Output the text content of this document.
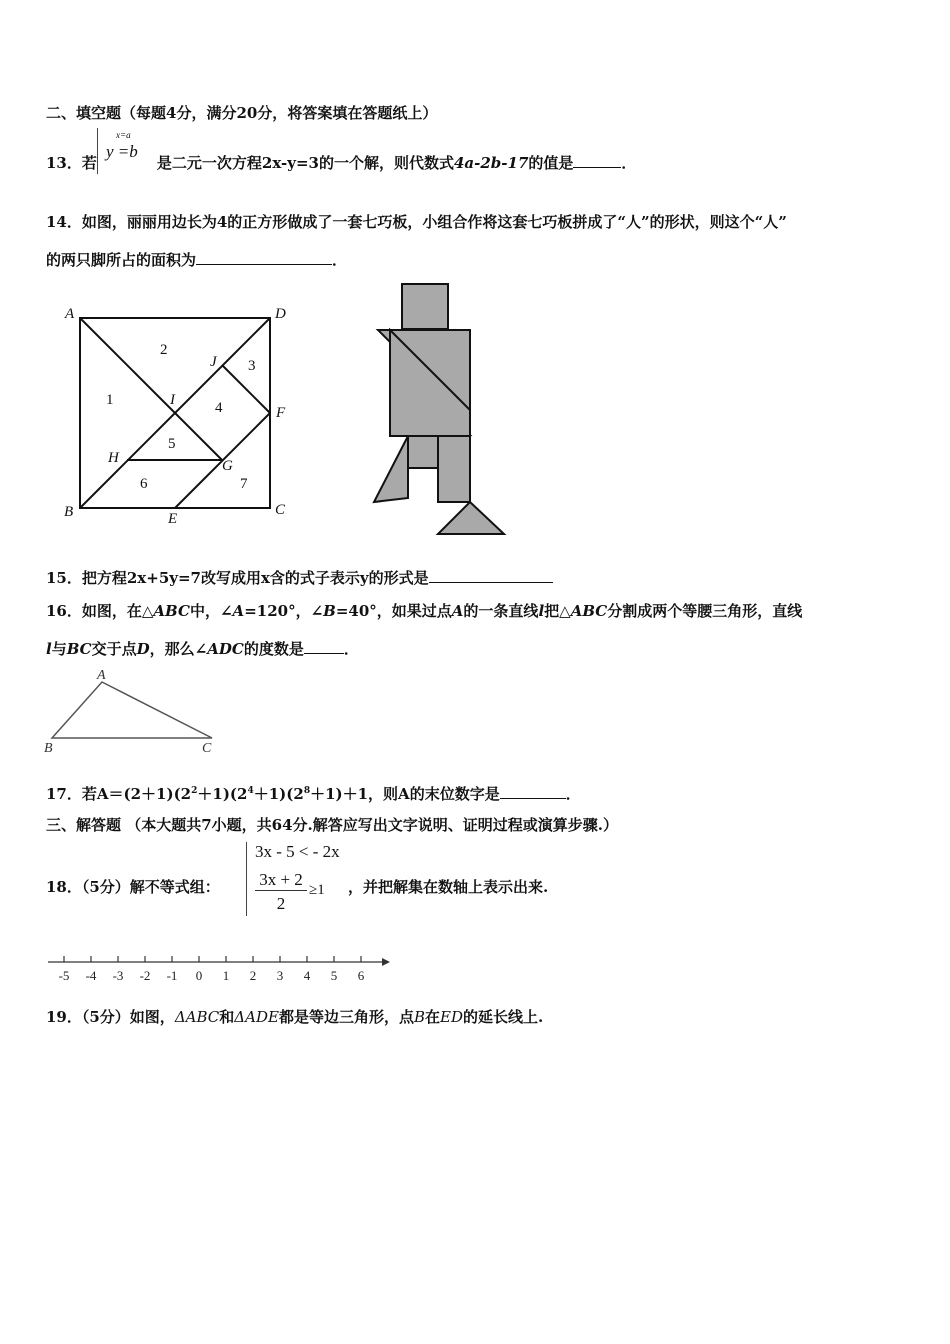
二、填空题（每题4分，满分20分，将答案填在答题纸上）
13．若	是二元一次方程2x-y=3的一个解，则代数式4a-2b-17的值是	．
x=a
y =b
14．如图，丽丽用边长为4的正方形做成了一套七巧板，小组合作将这套七巧板拼成了“人”的形状，则这个“人”
的两只脚所占的面积为	．
A
B	C
D
E
F
G
H
I
J
2
1
3
4
5
6	7
15．把方程2x+5y=7改写成用x含的式子表示y的形式是
16．如图，在△ABC中，∠A=120°，∠B=40°，如果过点A的一条直线l把△ABC分割成两个等腰三角形，直线
l与BC交于点D，那么∠ADC的度数是	．
A
B	C
17．若$A=(2+1)(2^2+1)(2^4+1)(2^8+1)+1$，则A的末位数字是	．
三、解答题 （本大题共7小题，共64分.解答应写出文字说明、证明过程或演算步骤.）
18．（5分）解不等式组：
3x - 5 < - 2x
3x + 2
2
≥1 ，并把解集在数轴上表示出来.
-5 -4 -3 -2 -1 0 1 2 3 4 5 6
19．（5分）如图，ΔABC和ΔADE都是等边三角形，点B在ED的延长线上.
